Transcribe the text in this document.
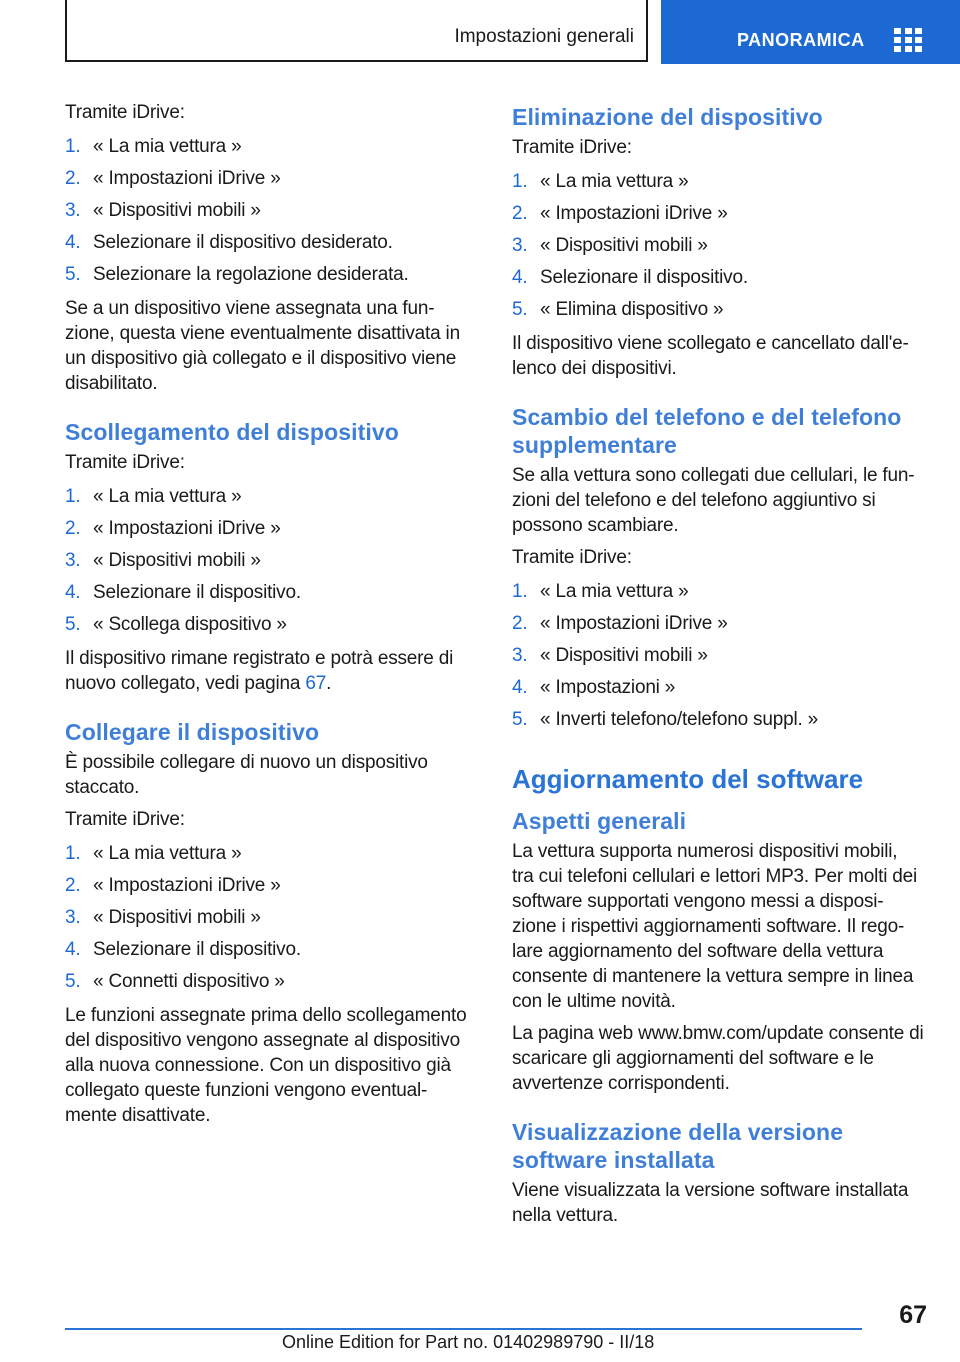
Impostazioni generali	PANORAMICA

Tramite iDrive:

1. « La mia vettura »
2. « Impostazioni iDrive »
3. « Dispositivi mobili »
4. Selezionare il dispositivo desiderato.
5. Selezionare la regolazione desiderata.

Se a un dispositivo viene assegnata una fun- zione, questa viene eventualmente disattivata in un dispositivo già collegato e il dispositivo viene disabilitato.

Scollegamento del dispositivo

Tramite iDrive:

1. « La mia vettura »
2. « Impostazioni iDrive »
3. « Dispositivi mobili »
4. Selezionare il dispositivo.
5. « Scollega dispositivo »

Il dispositivo rimane registrato e potrà essere di nuovo collegato, vedi pagina 67.

Collegare il dispositivo

È possibile collegare di nuovo un dispositivo staccato.

Tramite iDrive:

1. « La mia vettura »
2. « Impostazioni iDrive »
3. « Dispositivi mobili »
4. Selezionare il dispositivo.
5. « Connetti dispositivo »

Le funzioni assegnate prima dello scollegamento del dispositivo vengono assegnate al dispositivo alla nuova connessione. Con un dispositivo già collegato queste funzioni vengono eventual- mente disattivate.

Eliminazione del dispositivo

Tramite iDrive:

1. « La mia vettura »
2. « Impostazioni iDrive »
3. « Dispositivi mobili »
4. Selezionare il dispositivo.
5. « Elimina dispositivo »

Il dispositivo viene scollegato e cancellato dall'e- lenco dei dispositivi.

Scambio del telefono e del telefono supplementare

Se alla vettura sono collegati due cellulari, le fun- zioni del telefono e del telefono aggiuntivo si possono scambiare.

Tramite iDrive:

1. « La mia vettura »
2. « Impostazioni iDrive »
3. « Dispositivi mobili »
4. « Impostazioni »
5. « Inverti telefono/telefono suppl. »
Aggiornamento del software
Aspetti generali

La vettura supporta numerosi dispositivi mobili, tra cui telefoni cellulari e lettori MP3. Per molti dei software supportati vengono messi a disposi- zione i rispettivi aggiornamenti software. Il rego- lare aggiornamento del software della vettura consente di mantenere la vettura sempre in linea con le ultime novità.

La pagina web www.bmw.com/update consente di scaricare gli aggiornamenti del software e le avvertenze corrispondenti.

Visualizzazione della versione software installata

Viene visualizzata la versione software installata nella vettura.

67
Online Edition for Part no. 01402989790 - II/18
